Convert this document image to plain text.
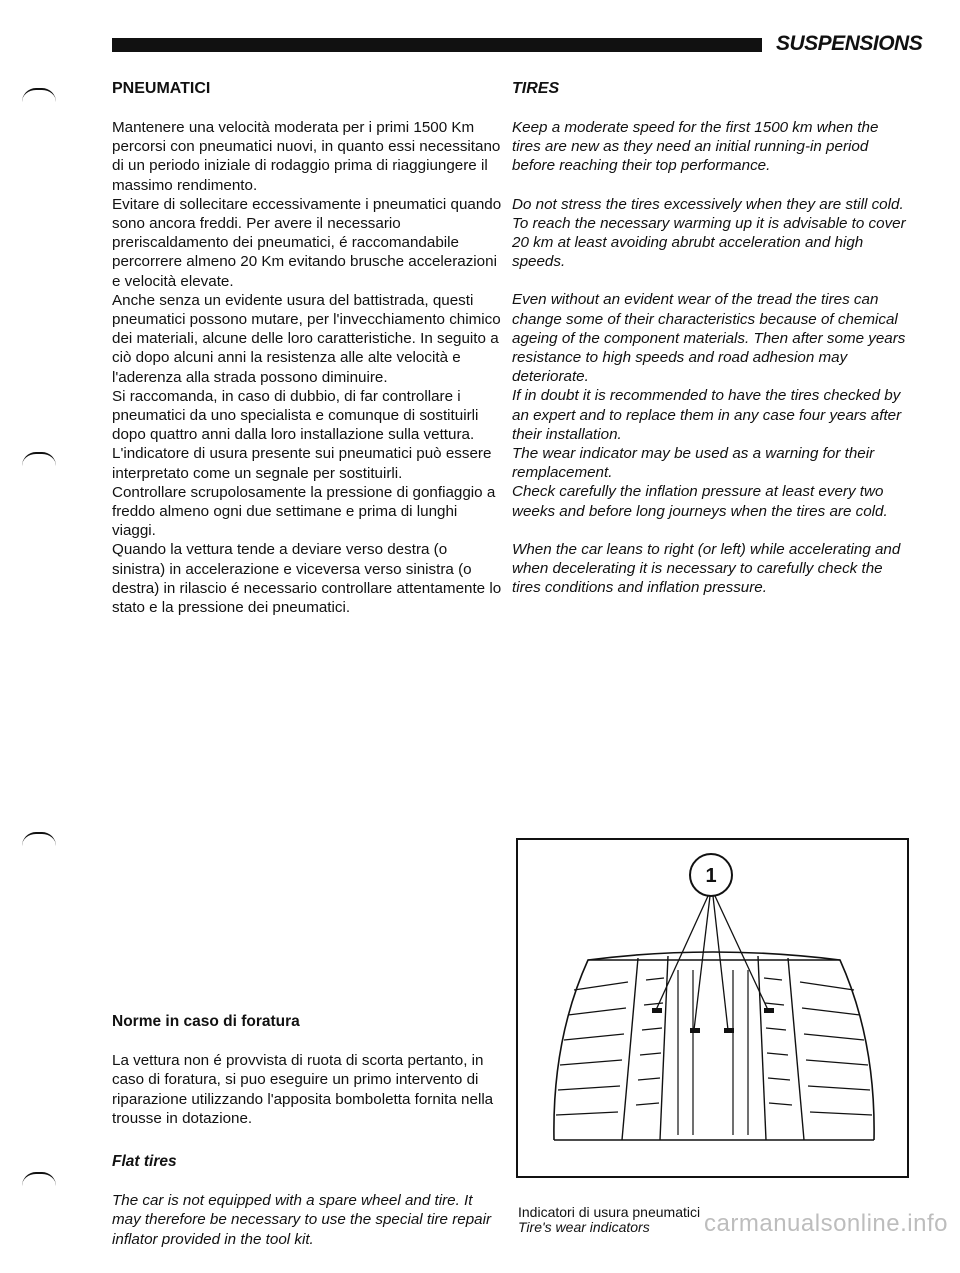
SUSPENSIONS
PNEUMATICI	TIRES

Mantenere una velocità moderata per i primi 1500 Km percorsi con pneumatici nuovi, in quanto essi necessitano di un periodo iniziale di rodaggio prima di riaggiungere il massimo rendimento.

Evitare di sollecitare eccessivamente i pneumatici quando sono ancora freddi. Per avere il necessario preriscaldamento dei pneumatici, é raccomandabile percorrere almeno 20 Km evitando brusche accelerazioni e velocità elevate.

Anche senza un evidente usura del battistrada, questi pneumatici possono mutare, per l'invecchiamento chimico dei materiali, alcune delle loro caratteristiche. In seguito a ciò dopo alcuni anni la resistenza alle alte velocità e l'aderenza alla strada possono diminuire.

Si raccomanda, in caso di dubbio, di far controllare i pneumatici da uno specialista e comunque di sostituirli dopo quattro anni dalla loro installazione sulla vettura.

L'indicatore di usura presente sui pneumatici può essere interpretato come un segnale per sostituirli.

Controllare scrupolosamente la pressione di gonfiaggio a freddo almeno ogni due settimane e prima di lunghi viaggi.

Quando la vettura tende a deviare verso destra (o sinistra) in accelerazione e viceversa verso sinistra (o destra) in rilascio é necessario controllare attentamente lo stato e la pressione dei pneumatici.

Keep a moderate speed for the first 1500 km when the tires are new as they need an initial running-in period before reaching their top performance.

Do not stress the tires excessively when they are still cold. To reach the necessary warming up it is advisable to cover 20 km at least avoiding abrubt acceleration and high speeds.

Even without an evident wear of the tread the tires can change some of their characteristics because of chemical ageing of the component materials. Then after some years resistance to high speeds and road adhesion may deteriorate.

If in doubt it is recommended to have the tires checked by an expert and to replace them in any case four years after their installation.

The wear indicator may be used as a warning for their remplacement.

Check carefully the inflation pressure at least every two weeks and before long journeys when the tires are cold.

When the car leans to right (or left) while accelerating and when decelerating it is necessary to carefully check the tires conditions and inflation pressure.

Norme in caso di foratura

La vettura non é provvista di ruota di scorta pertanto, in caso di foratura, si puo eseguire un primo intervento di riparazione utilizzando l'apposita bomboletta fornita nella trousse in dotazione.

Flat tires

The car is not equipped with a spare wheel and tire. It may therefore be necessary to use the special tire repair inflator provided in the tool kit.

1
Indicatori di usura pneumatici
Tire's wear indicators	carmanualsonline.info
